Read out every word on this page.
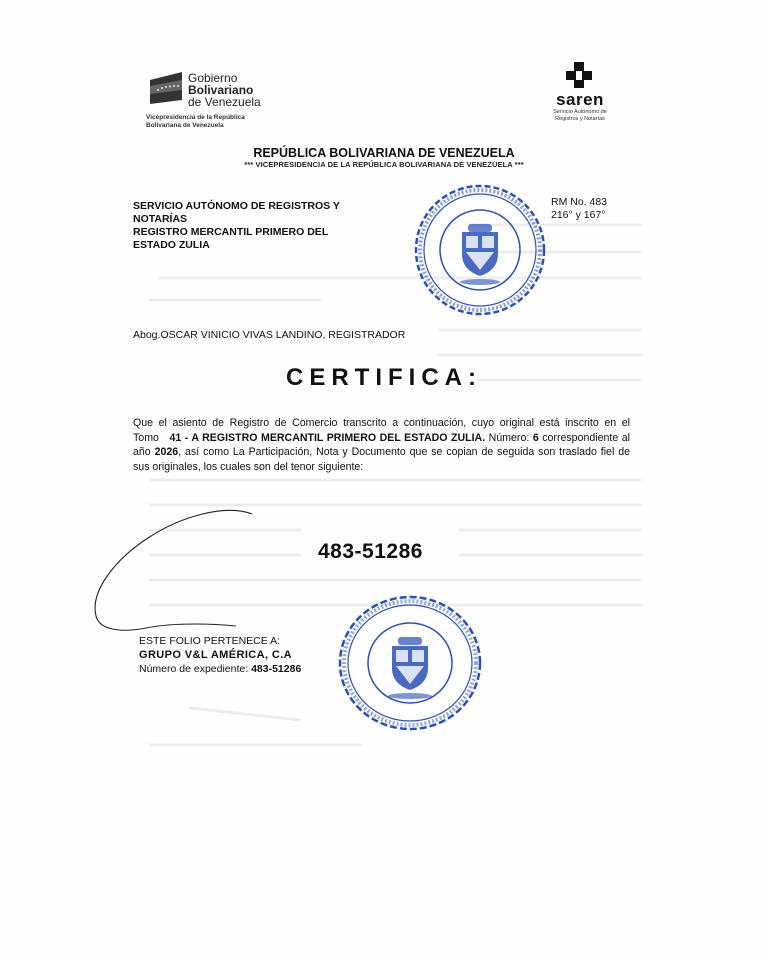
Gobierno
Bolivariano
de Venezuela
Vicepresidencia de la República
Bolivariana de Venezuela
saren
Servicio Autónomo de
Registros y Notarías
REPÚBLICA BOLIVARIANA DE VENEZUELA
*** VICEPRESIDENCIA DE LA REPÚBLICA BOLIVARIANA DE VENEZUELA ***
SERVICIO AUTÓNOMO DE REGISTROS Y
NOTARÍAS
REGISTRO MERCANTIL PRIMERO DEL
ESTADO ZULIA
RM No. 483
216° y 167°
Abog.OSCAR VINICIO VIVAS LANDINO, REGISTRADOR
CERTIFICA:
Que el asiento de Registro de Comercio transcrito a continuación, cuyo original está inscrito en el Tomo 41 - A REGISTRO MERCANTIL PRIMERO DEL ESTADO ZULIA. Número: 6 correspondiente al año 2026, así como La Participación, Nota y Documento que se copian de seguida son traslado fiel de sus originales, los cuales son del tenor siguiente:
483-51286
ESTE FOLIO PERTENECE A:
GRUPO V&L AMÉRICA, C.A
Número de expediente: 483-51286
